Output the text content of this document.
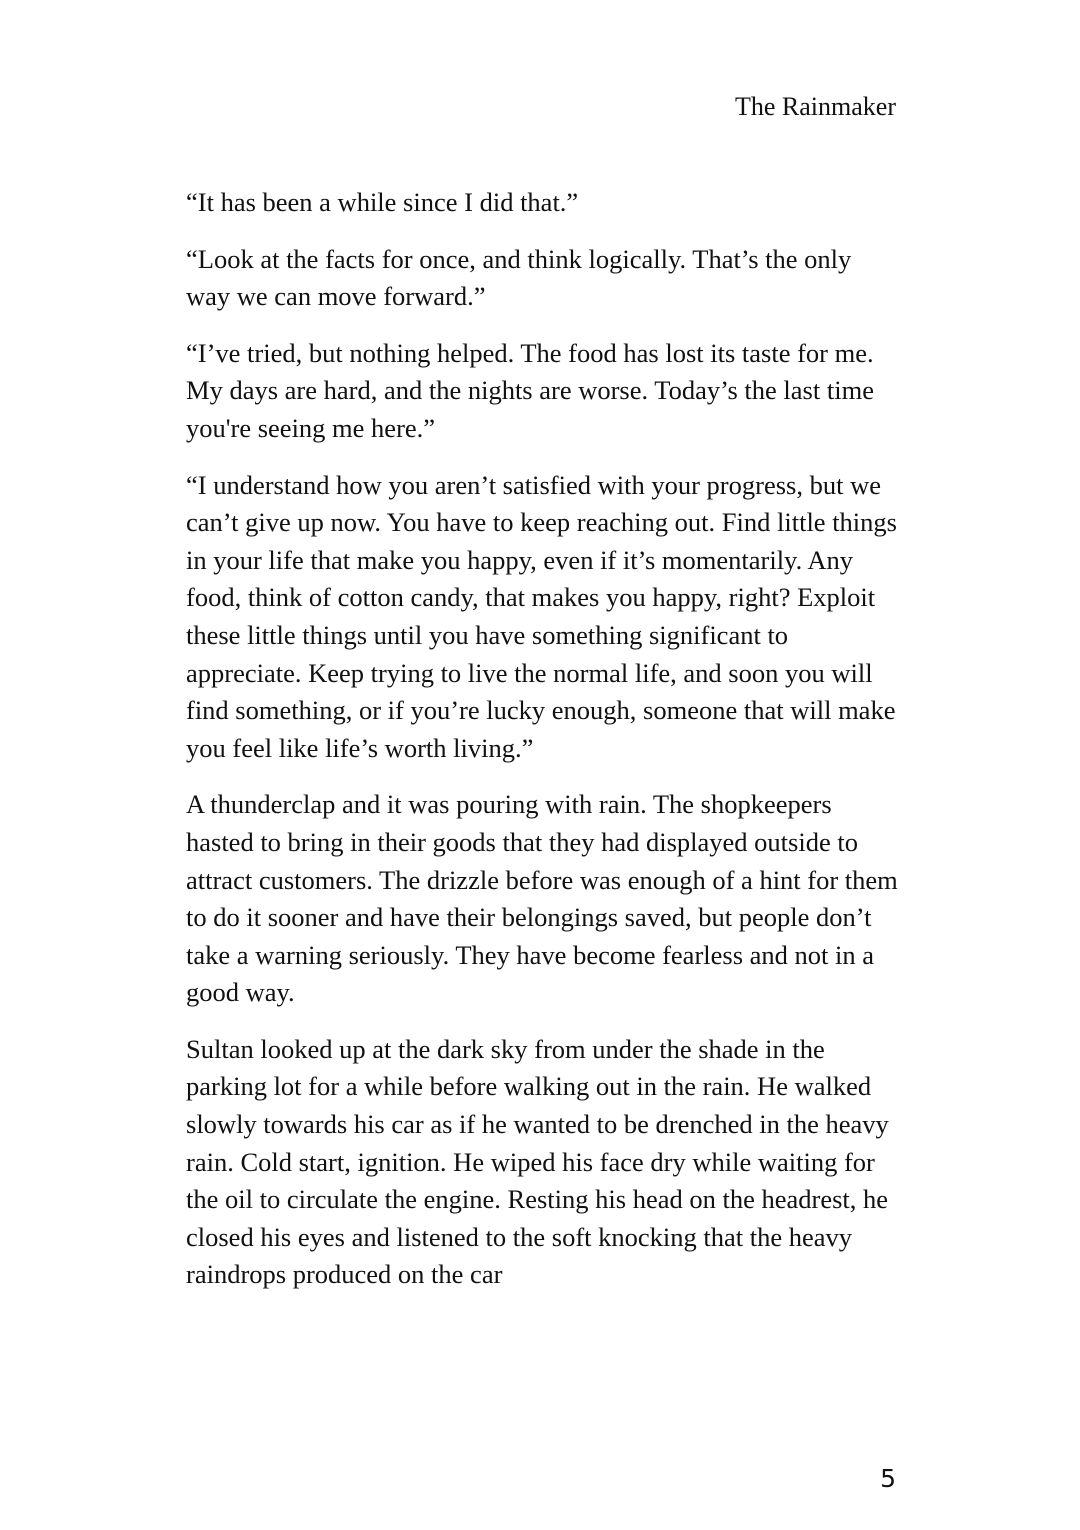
The Rainmaker

“It has been a while since I did that.”

“Look at the facts for once, and think logically. That’s the only way we can move forward.”

“I’ve tried, but nothing helped. The food has lost its taste for me. My days are hard, and the nights are worse. Today’s the last time you're seeing me here.”

“I understand how you aren’t satisfied with your progress, but we can’t give up now. You have to keep reaching out. Find little things in your life that make you happy, even if it’s momentarily. Any food, think of cotton candy, that makes you happy, right? Exploit these little things until you have something significant to appreciate. Keep trying to live the normal life, and soon you will find something, or if you’re lucky enough, someone that will make you feel like life’s worth living.”

A thunderclap and it was pouring with rain. The shopkeepers hasted to bring in their goods that they had displayed outside to attract customers. The drizzle before was enough of a hint for them to do it sooner and have their belongings saved, but people don’t take a warning seriously. They have become fearless and not in a good way.

Sultan looked up at the dark sky from under the shade in the parking lot for a while before walking out in the rain. He walked slowly towards his car as if he wanted to be drenched in the heavy rain. Cold start, ignition. He wiped his face dry while waiting for the oil to circulate the engine. Resting his head on the headrest, he closed his eyes and listened to the soft knocking that the heavy raindrops produced on the car

5
